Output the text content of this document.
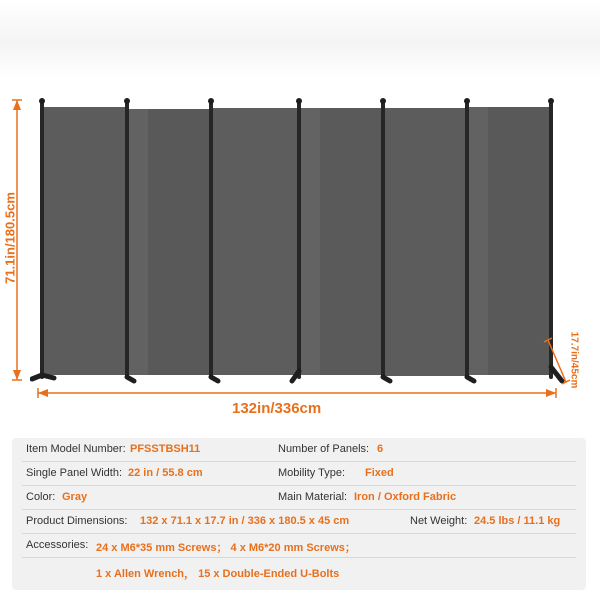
71.1in/180.5cm
132in/336cm
17.7in/45cm
Item Model Number: PFSSTBSH11	Number of Panels: 6
Single Panel Width: 22 in / 55.8 cm	Mobility Type: Fixed
Color: Gray	Main Material: Iron / Oxford Fabric
Product Dimensions: 132 x 71.1 x 17.7 in / 336 x 180.5 x 45 cm	Net Weight: 24.5 lbs / 11.1 kg
Accessories: 24 x M6*35 mm Screws； 4 x M6*20 mm Screws；
1 x Allen Wrench， 15 x Double-Ended U-Bolts
